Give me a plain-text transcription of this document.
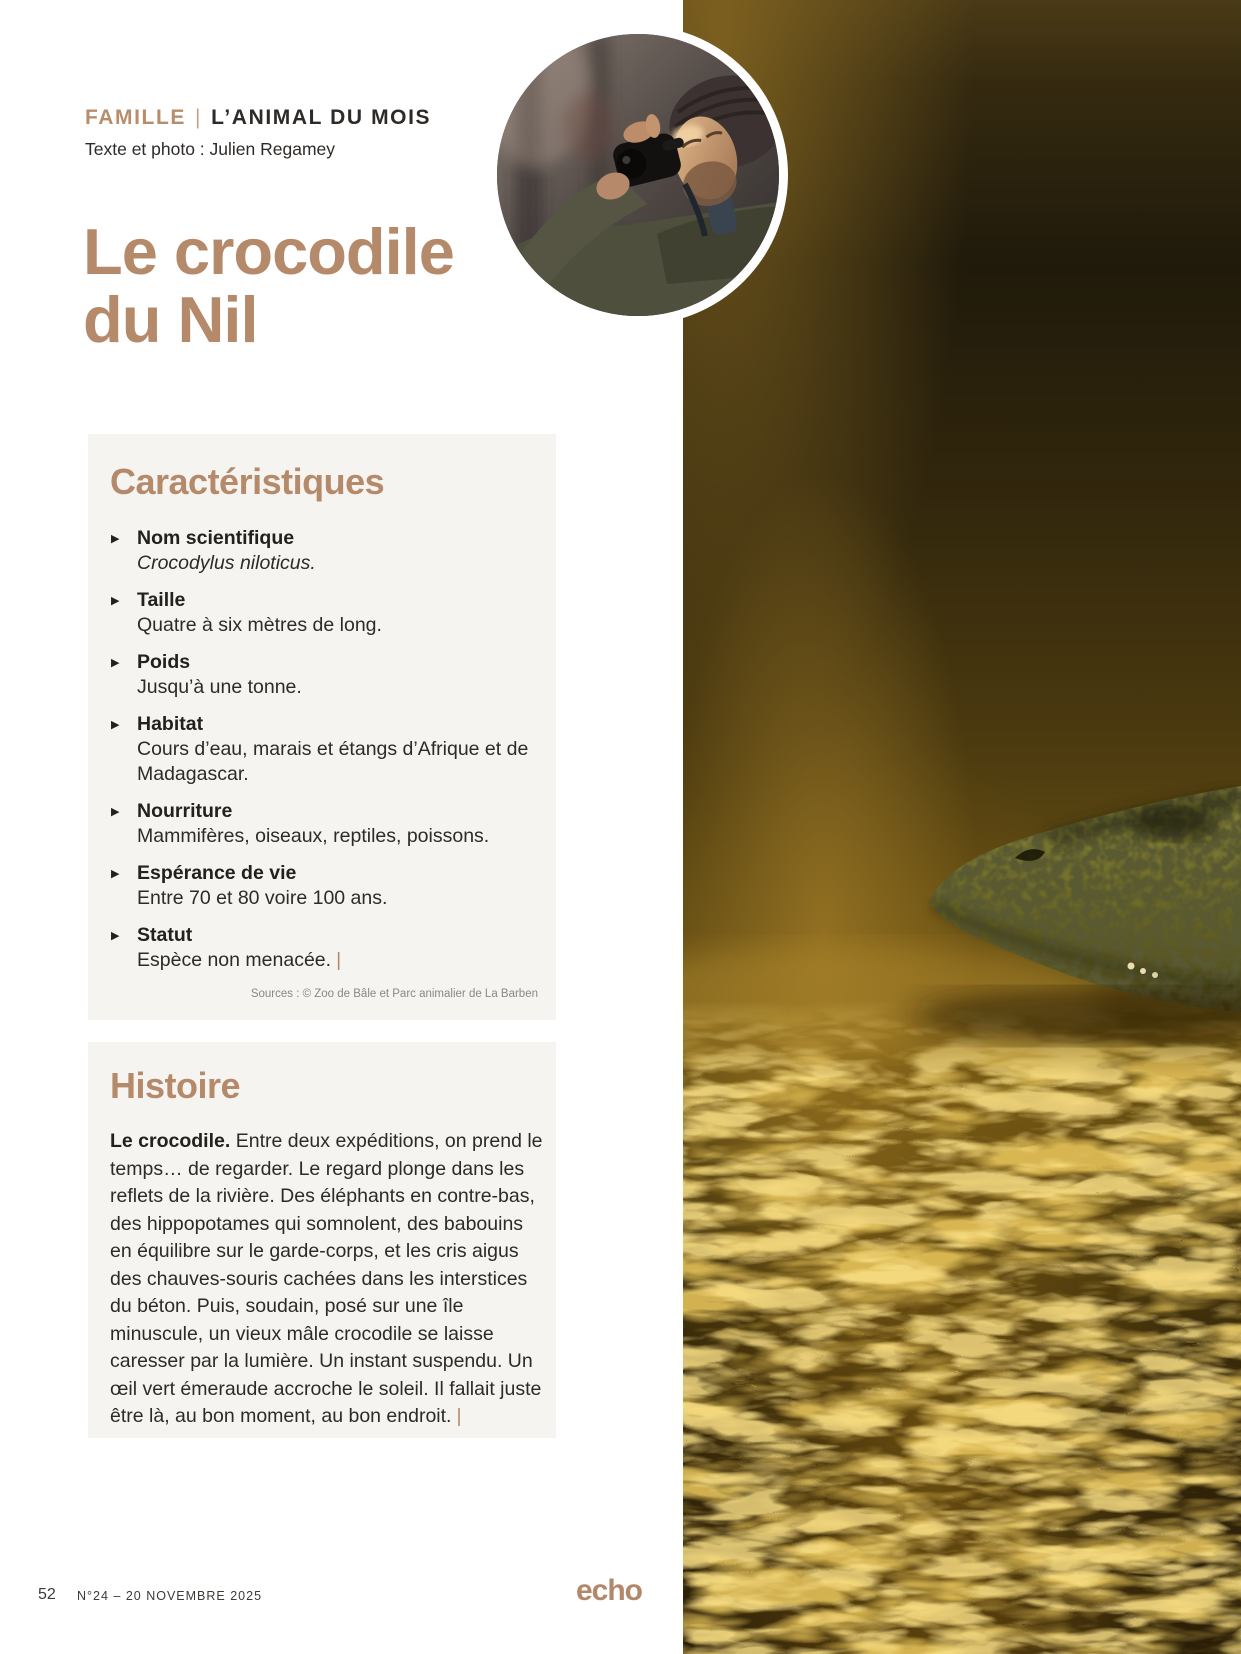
FAMILLE | L’ANIMAL DU MOIS
Texte et photo : Julien Regamey
Le crocodile
du Nil
Caractéristiques
▶ Nom scientifique
Crocodylus niloticus.
▶ Taille
Quatre à six mètres de long.
▶ Poids
Jusqu’à une tonne.
▶ Habitat
Cours d’eau, marais et étangs d’Afrique et de Madagascar.
▶ Nourriture
Mammifères, oiseaux, reptiles, poissons.
▶ Espérance de vie
Entre 70 et 80 voire 100 ans.
▶ Statut
Espèce non menacée. |
Sources : © Zoo de Bâle et Parc animalier de La Barben
Histoire

Le crocodile. Entre deux expéditions, on prend le temps… de regarder. Le regard plonge dans les reflets de la rivière. Des éléphants en contre-bas, des hippopotames qui somnolent, des babouins en équilibre sur le garde-corps, et les cris aigus des chauves-souris cachées dans les interstices du béton. Puis, soudain, posé sur une île minuscule, un vieux mâle crocodile se laisse caresser par la lumière. Un instant suspendu. Un œil vert émeraude accroche le soleil. Il fallait juste être là, au bon moment, au bon endroit. |

52 N°24 – 20 NOVEMBRE 2025	echo
